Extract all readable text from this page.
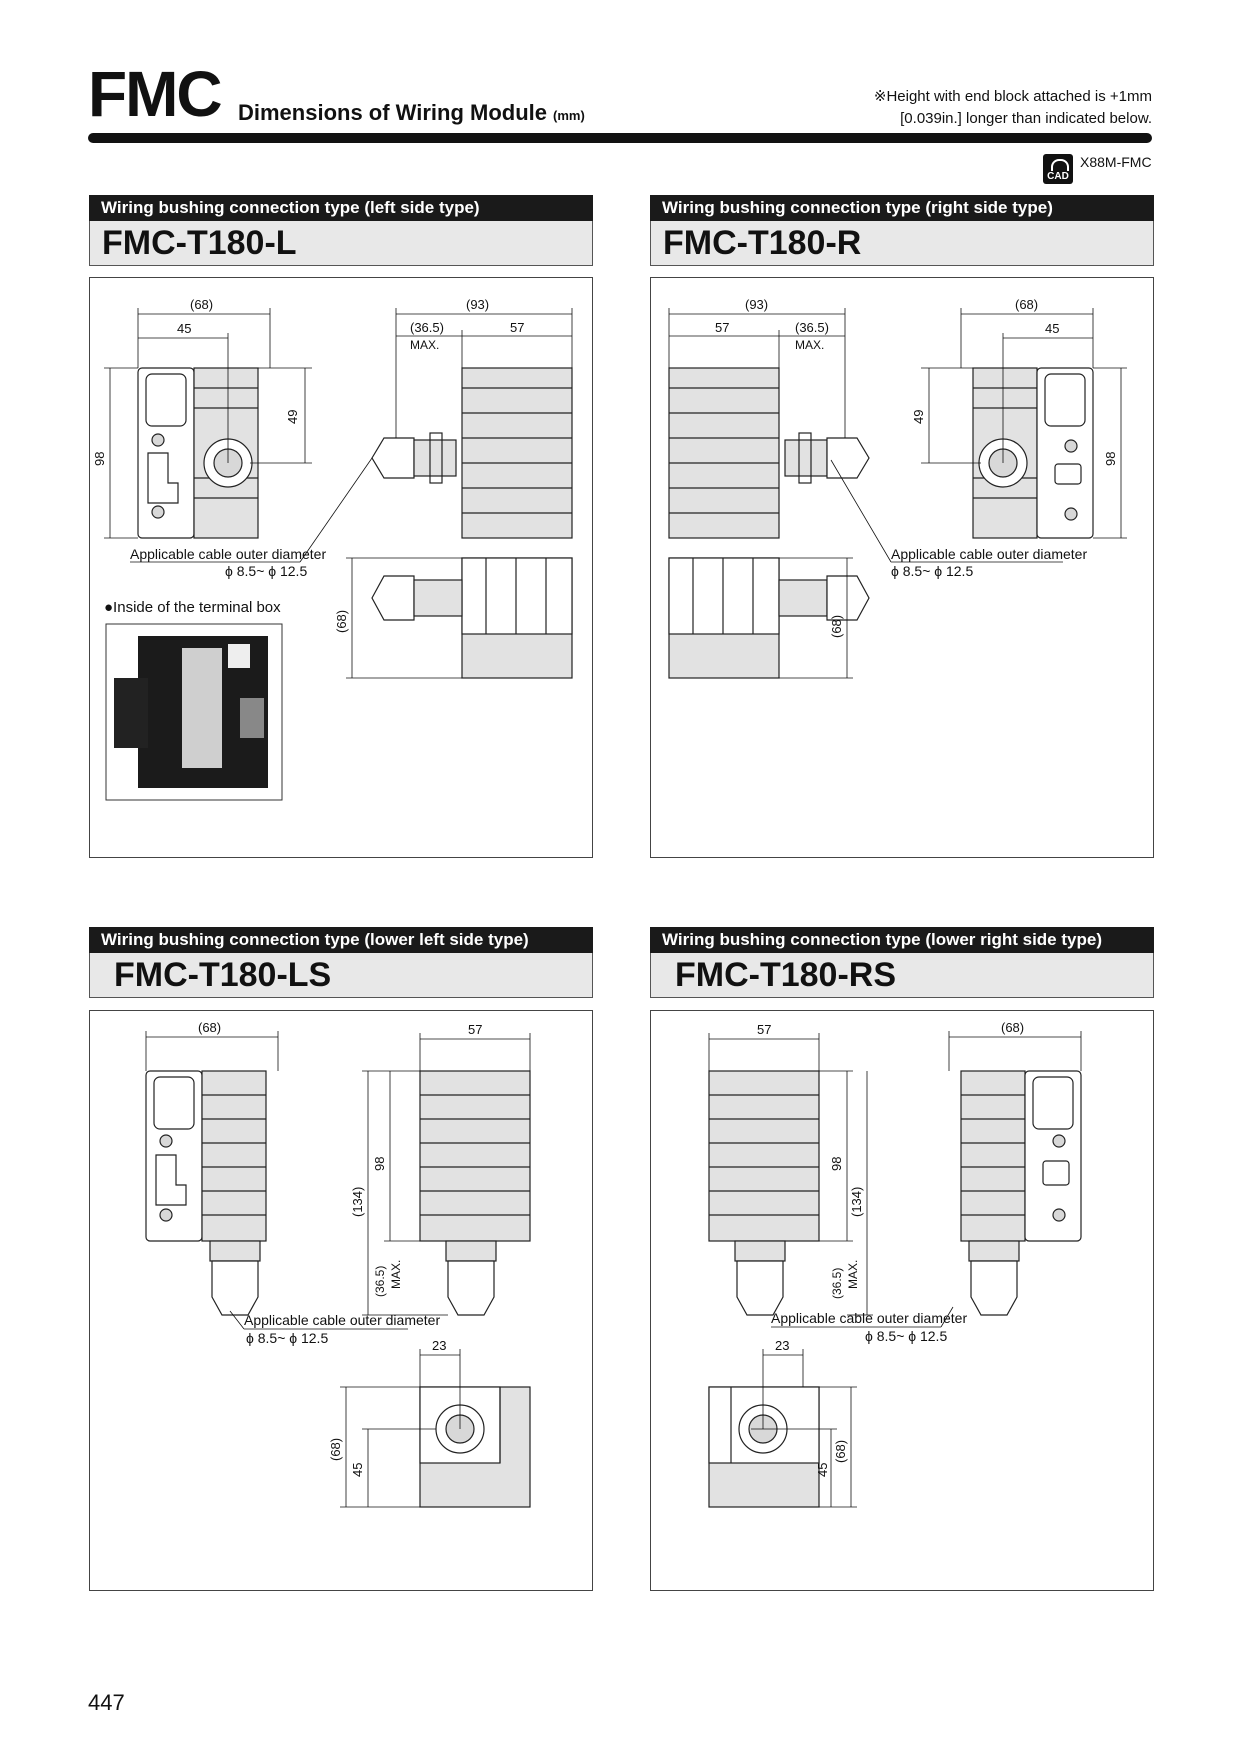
FMC Dimensions of Wiring Module (mm)
※Height with end block attached is +1mm
[0.039in.] longer than indicated below.
CAD
X88M-FMC
Wiring bushing connection type (left side type)
FMC-T180-L
(68)
45
98
49
(93)
(36.5)
MAX.
57
(68)
Applicable cable outer diameter
ϕ 8.5~ ϕ 12.5
●Inside of the terminal box
Wiring bushing connection type (right side type)
FMC-T180-R
(93)
57	(36.5)
MAX.
(68)
45
49
98
(68)
Applicable cable outer diameter
ϕ 8.5~ ϕ 12.5
Wiring bushing connection type (lower left side type)
FMC-T180-LS
(68)	57
(134)
98
(36.5) MAX.
Applicable cable outer diameter
ϕ 8.5~ ϕ 12.5	23
(68)
45
Wiring bushing connection type (lower right side type)
FMC-T180-RS
57
98
(134)
(36.5) MAX.
(68)
Applicable cable outer diameter
ϕ 8.5~ ϕ 12.5
23
45
(68)
447
